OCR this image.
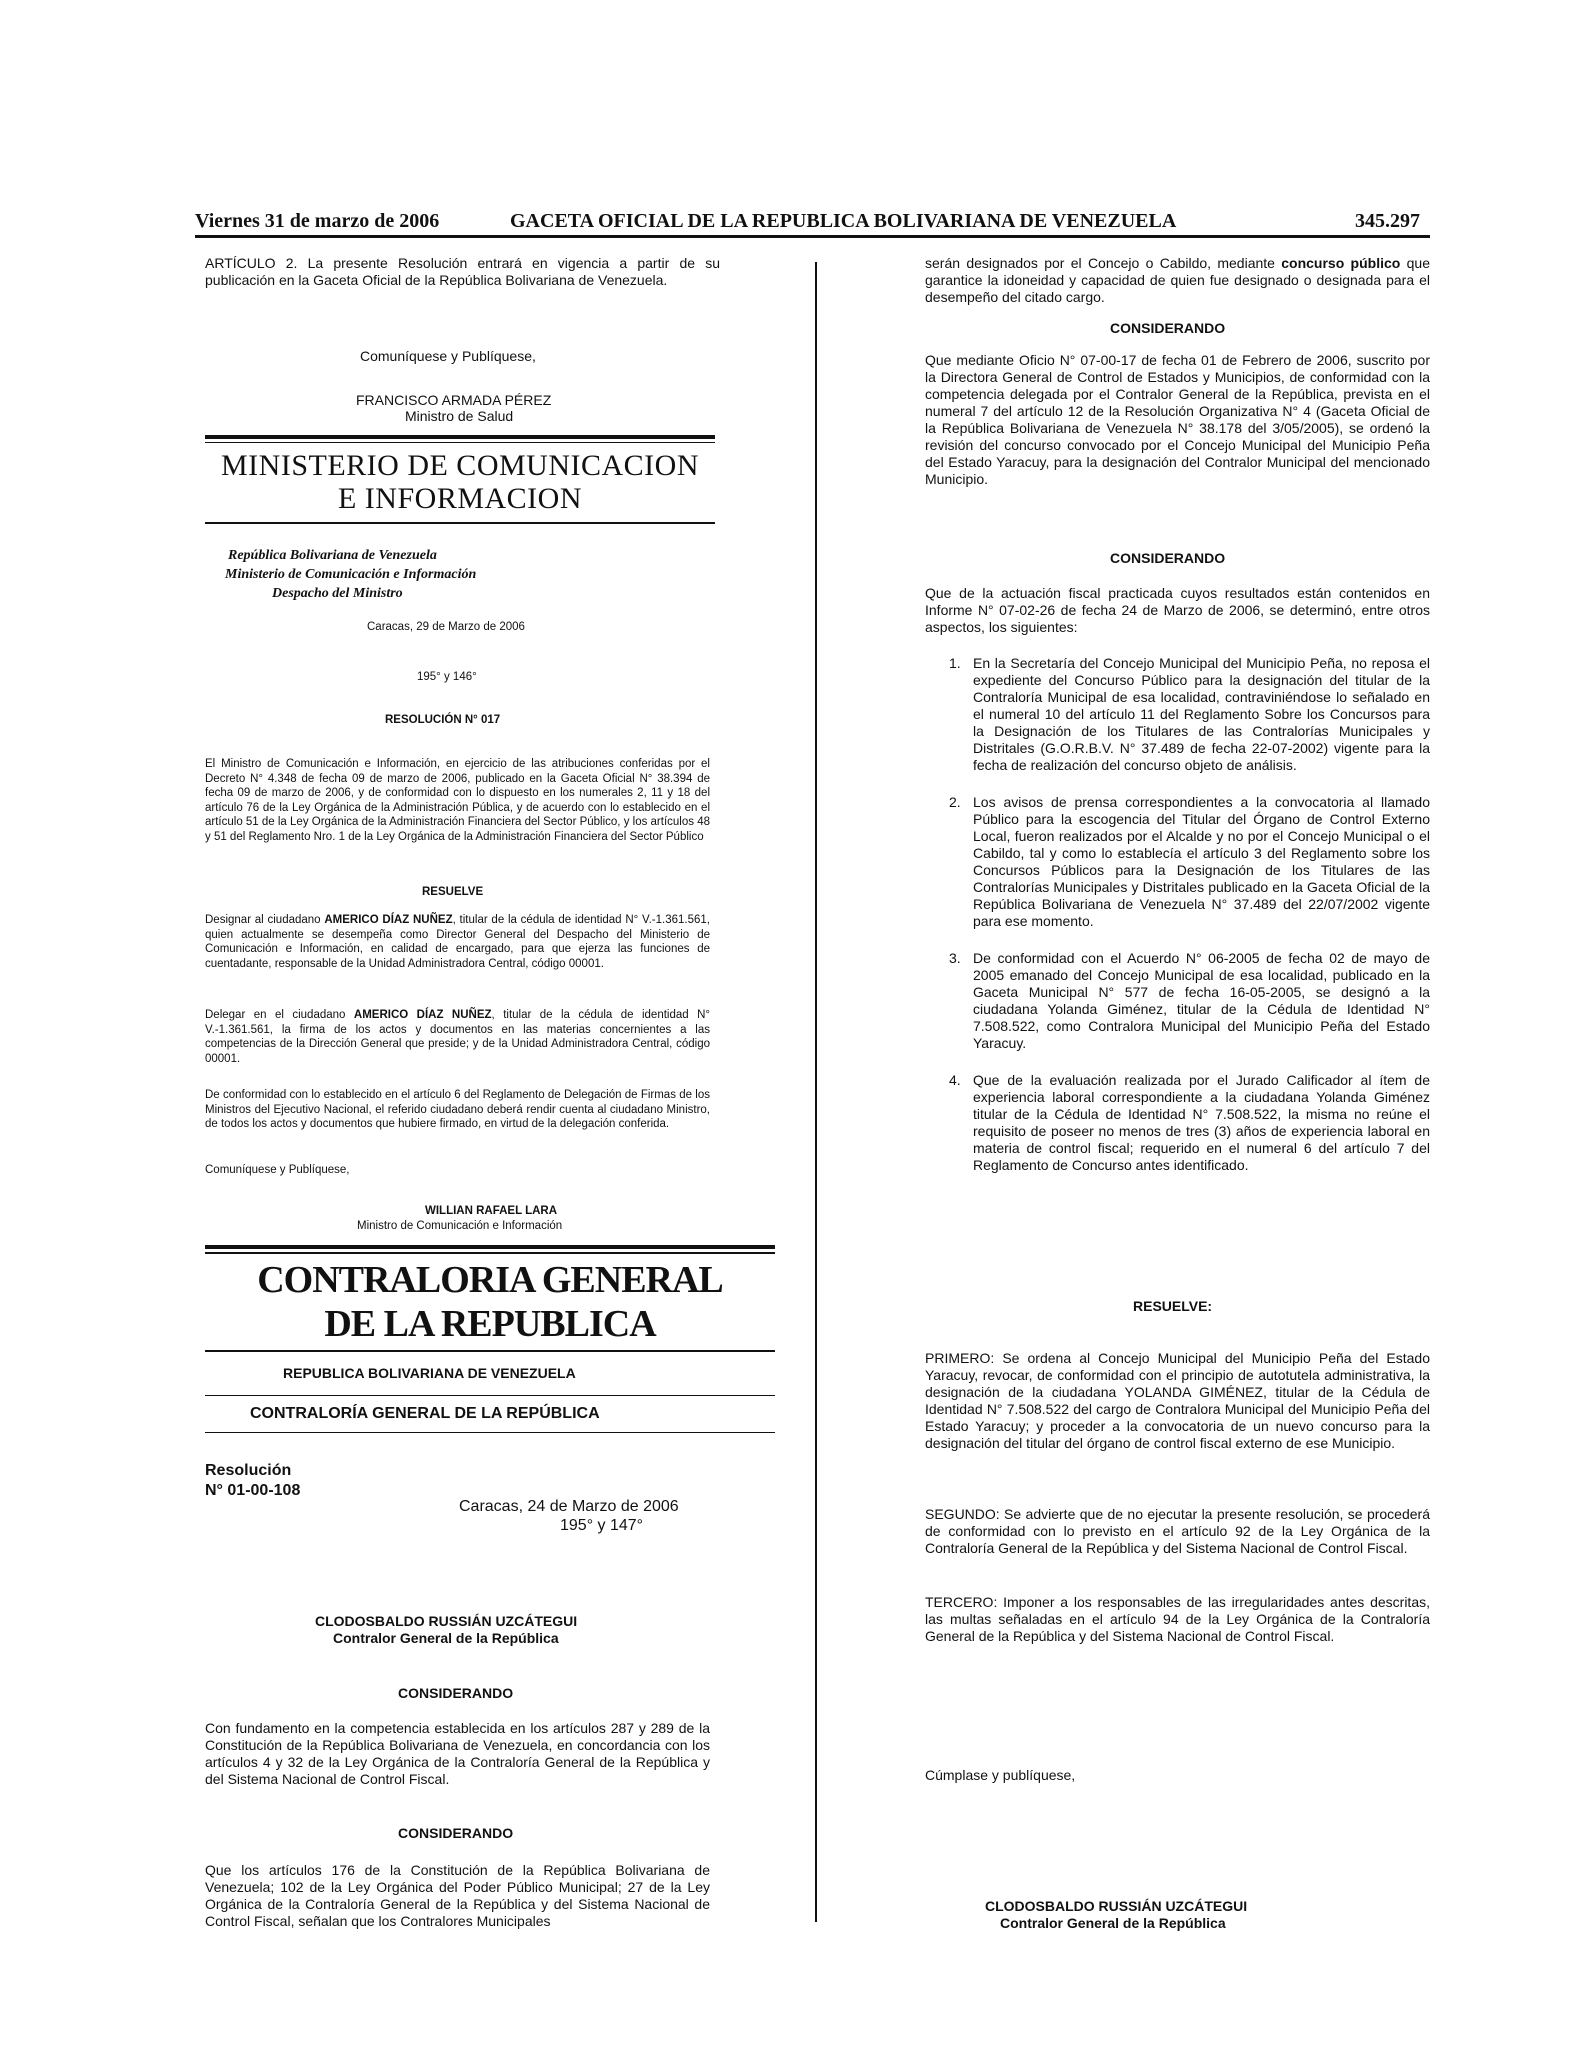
Viernes 31 de marzo de 2006	GACETA OFICIAL DE LA REPUBLICA BOLIVARIANA DE VENEZUELA	345.297
ARTÍCULO 2. La presente Resolución entrará en vigencia a partir de su publicación en la Gaceta Oficial de la República Bolivariana de Venezuela.
Comuníquese y Publíquese,
FRANCISCO ARMADA PÉREZ
Ministro de Salud
MINISTERIO DE COMUNICACION
E INFORMACION
República Bolivariana de Venezuela
Ministerio de Comunicación e Información
Despacho del Ministro
Caracas, 29 de Marzo de 2006
195° y 146°
RESOLUCIÓN N° 017
El Ministro de Comunicación e Información, en ejercicio de las atribuciones conferidas por el Decreto N° 4.348 de fecha 09 de marzo de 2006, publicado en la Gaceta Oficial N° 38.394 de fecha 09 de marzo de 2006, y de conformidad con lo dispuesto en los numerales 2, 11 y 18 del artículo 76 de la Ley Orgánica de la Administración Pública, y de acuerdo con lo establecido en el artículo 51 de la Ley Orgánica de la Administración Financiera del Sector Público, y los artículos 48 y 51 del Reglamento Nro. 1 de la Ley Orgánica de la Administración Financiera del Sector Público
RESUELVE
Designar al ciudadano AMERICO DÍAZ NUÑEZ, titular de la cédula de identidad N° V.-1.361.561, quien actualmente se desempeña como Director General del Despacho del Ministerio de Comunicación e Información, en calidad de encargado, para que ejerza las funciones de cuentadante, responsable de la Unidad Administradora Central, código 00001.
Delegar en el ciudadano AMERICO DÍAZ NUÑEZ, titular de la cédula de identidad N° V.-1.361.561, la firma de los actos y documentos en las materias concernientes a las competencias de la Dirección General que preside; y de la Unidad Administradora Central, código 00001.
De conformidad con lo establecido en el artículo 6 del Reglamento de Delegación de Firmas de los Ministros del Ejecutivo Nacional, el referido ciudadano deberá rendir cuenta al ciudadano Ministro, de todos los actos y documentos que hubiere firmado, en virtud de la delegación conferida.
Comuníquese y Publíquese,
WILLIAN RAFAEL LARA
Ministro de Comunicación e Información
CONTRALORIA GENERAL
DE LA REPUBLICA
REPUBLICA BOLIVARIANA DE VENEZUELA
CONTRALORÍA GENERAL DE LA REPÚBLICA
Resolución
N° 01-00-108
Caracas, 24 de Marzo de 2006
195° y 147°
CLODOSBALDO RUSSIÁN UZCÁTEGUI
Contralor General de la República
CONSIDERANDO
Con fundamento en la competencia establecida en los artículos 287 y 289 de la Constitución de la República Bolivariana de Venezuela, en concordancia con los artículos 4 y 32 de la Ley Orgánica de la Contraloría General de la República y del Sistema Nacional de Control Fiscal.
CONSIDERANDO
Que los artículos 176 de la Constitución de la República Bolivariana de Venezuela; 102 de la Ley Orgánica del Poder Público Municipal; 27 de la Ley Orgánica de la Contraloría General de la República y del Sistema Nacional de Control Fiscal, señalan que los Contralores Municipales
serán designados por el Concejo o Cabildo, mediante concurso público que garantice la idoneidad y capacidad de quien fue designado o designada para el desempeño del citado cargo.
CONSIDERANDO
Que mediante Oficio N° 07-00-17 de fecha 01 de Febrero de 2006, suscrito por la Directora General de Control de Estados y Municipios, de conformidad con la competencia delegada por el Contralor General de la República, prevista en el numeral 7 del artículo 12 de la Resolución Organizativa N° 4 (Gaceta Oficial de la República Bolivariana de Venezuela N° 38.178 del 3/05/2005), se ordenó la revisión del concurso convocado por el Concejo Municipal del Municipio Peña del Estado Yaracuy, para la designación del Contralor Municipal del mencionado Municipio.
CONSIDERANDO
Que de la actuación fiscal practicada cuyos resultados están contenidos en Informe N° 07-02-26 de fecha 24 de Marzo de 2006, se determinó, entre otros aspectos, los siguientes:
1. En la Secretaría del Concejo Municipal del Municipio Peña, no reposa el expediente del Concurso Público para la designación del titular de la Contraloría Municipal de esa localidad, contraviniéndose lo señalado en el numeral 10 del artículo 11 del Reglamento Sobre los Concursos para la Designación de los Titulares de las Contralorías Municipales y Distritales (G.O.R.B.V. N° 37.489 de fecha 22-07-2002) vigente para la fecha de realización del concurso objeto de análisis.
2. Los avisos de prensa correspondientes a la convocatoria al llamado Público para la escogencia del Titular del Órgano de Control Externo Local, fueron realizados por el Alcalde y no por el Concejo Municipal o el Cabildo, tal y como lo establecía el artículo 3 del Reglamento sobre los Concursos Públicos para la Designación de los Titulares de las Contralorías Municipales y Distritales publicado en la Gaceta Oficial de la República Bolivariana de Venezuela N° 37.489 del 22/07/2002 vigente para ese momento.
3. De conformidad con el Acuerdo N° 06-2005 de fecha 02 de mayo de 2005 emanado del Concejo Municipal de esa localidad, publicado en la Gaceta Municipal N° 577 de fecha 16-05-2005, se designó a la ciudadana Yolanda Giménez, titular de la Cédula de Identidad N° 7.508.522, como Contralora Municipal del Municipio Peña del Estado Yaracuy.
4. Que de la evaluación realizada por el Jurado Calificador al ítem de experiencia laboral correspondiente a la ciudadana Yolanda Giménez titular de la Cédula de Identidad N° 7.508.522, la misma no reúne el requisito de poseer no menos de tres (3) años de experiencia laboral en materia de control fiscal; requerido en el numeral 6 del artículo 7 del Reglamento de Concurso antes identificado.
RESUELVE:
PRIMERO: Se ordena al Concejo Municipal del Municipio Peña del Estado Yaracuy, revocar, de conformidad con el principio de autotutela administrativa, la designación de la ciudadana YOLANDA GIMÉNEZ, titular de la Cédula de Identidad N° 7.508.522 del cargo de Contralora Municipal del Municipio Peña del Estado Yaracuy; y proceder a la convocatoria de un nuevo concurso para la designación del titular del órgano de control fiscal externo de ese Municipio.
SEGUNDO: Se advierte que de no ejecutar la presente resolución, se procederá de conformidad con lo previsto en el artículo 92 de la Ley Orgánica de la Contraloría General de la República y del Sistema Nacional de Control Fiscal.
TERCERO: Imponer a los responsables de las irregularidades antes descritas, las multas señaladas en el artículo 94 de la Ley Orgánica de la Contraloría General de la República y del Sistema Nacional de Control Fiscal.
Cúmplase y publíquese,
CLODOSBALDO RUSSIÁN UZCÁTEGUI
Contralor General de la República
